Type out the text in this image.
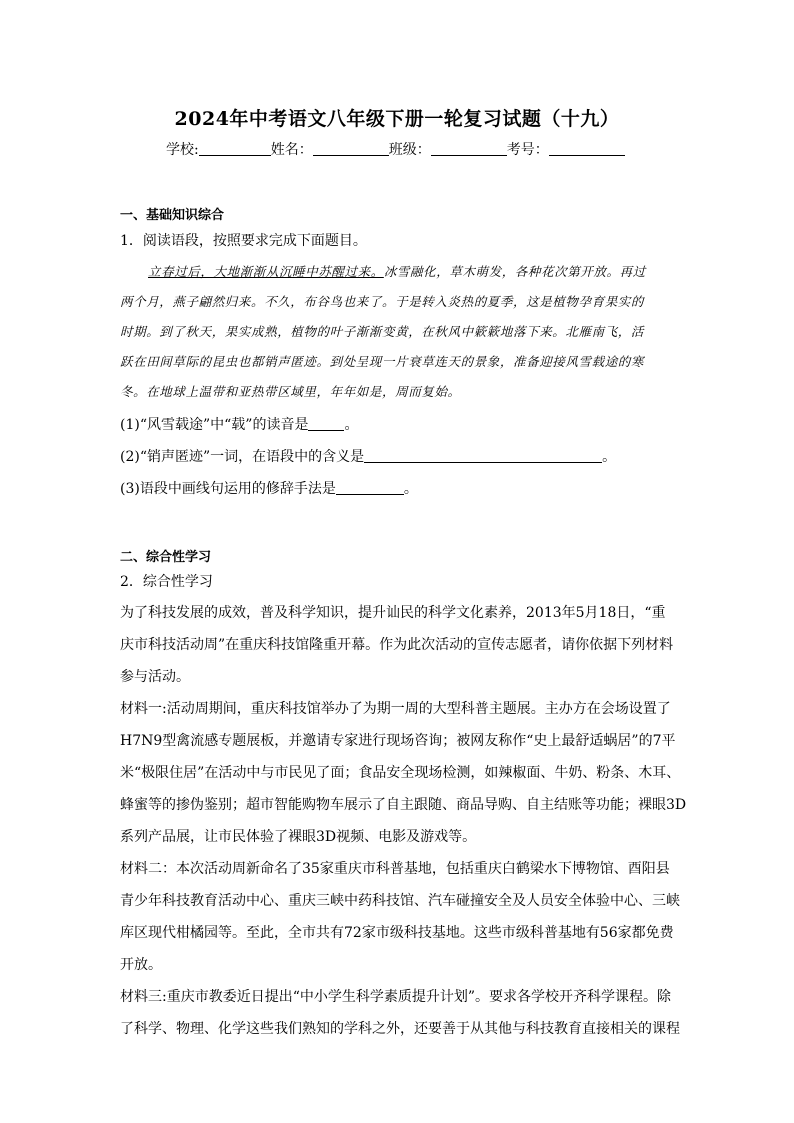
2024年中考语文八年级下册一轮复习试题（十九）
学校:	姓名：	班级：	考号：
一、基础知识综合
1．阅读语段，按照要求完成下面题目。
立春过后，大地渐渐从沉睡中苏醒过来。冰雪融化，草木萌发，各种花次第开放。再过
两个月，燕子翩然归来。不久，布谷鸟也来了。于是转入炎热的夏季，这是植物孕育果实的
时期。到了秋天，果实成熟，植物的叶子渐渐变黄，在秋风中簌簌地落下来。北雁南飞，活
跃在田间草际的昆虫也都销声匿迹。到处呈现一片衰草连天的景象，准备迎接风雪载途的寒
冬。在地球上温带和亚热带区域里，年年如是，周而复始。
(1)“风雪载途”中“载”的读音是	。
(2)“销声匿迹”一词，在语段中的含义是	。
(3)语段中画线句运用的修辞手法是	。
二、综合性学习
2．综合性学习
为了科技发展的成效，普及科学知识，提升讪民的科学文化素养，2013年5月18日，“重
庆市科技活动周”在重庆科技馆隆重开幕。作为此次活动的宣传志愿者，请你依据下列材料
参与活动。
材料一:活动周期间，重庆科技馆举办了为期一周的大型科普主题展。主办方在会场设置了
H7N9型禽流感专题展板，并邀请专家进行现场咨询；被网友称作“史上最舒适蜗居”的7平
米“极限住居”在活动中与市民见了面；食品安全现场检测，如辣椒面、牛奶、粉条、木耳、
蜂蜜等的掺伪鉴别；超市智能购物车展示了自主跟随、商品导购、自主结账等功能；裸眼3D
系列产品展，让市民体验了裸眼3D视频、电影及游戏等。
材料二：本次活动周新命名了35家重庆市科普基地，包括重庆白鹤梁水下博物馆、酉阳县
青少年科技教育活动中心、重庆三峡中药科技馆、汽车碰撞安全及人员安全体验中心、三峡
库区现代柑橘园等。至此，全市共有72家市级科技基地。这些市级科普基地有56家都免费
开放。
材料三:重庆市教委近日提出“中小学生科学素质提升计划”。要求各学校开齐科学课程。除
了科学、物理、化学这些我们熟知的学科之外，还要善于从其他与科技教育直接相关的课程
